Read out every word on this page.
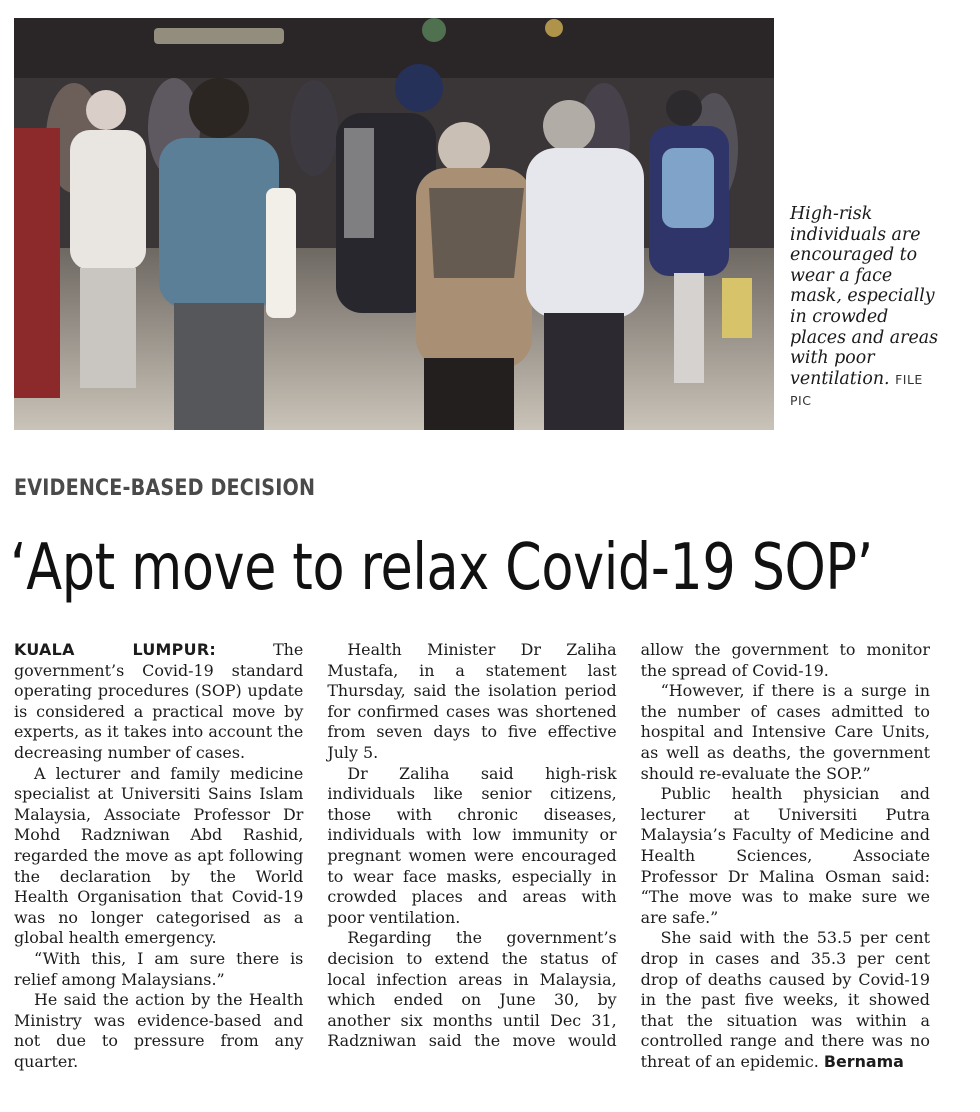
High-risk individuals are encouraged to wear a face mask, especially in crowded places and areas with poor ventilation. FILE PIC
EVIDENCE-BASED DECISION
‘Apt move to relax Covid-19 SOP’

KUALA LUMPUR:	The government’s Covid-19 standard operating procedures (SOP) update is considered a practical move by experts, as it takes into account the decreasing number of cases.

A lecturer and family medicine specialist at Universiti Sains Islam Malaysia, Associate Professor Dr Mohd Radzniwan Abd Rashid, regarded the move as apt following the declaration by the World Health Organisation that Covid-19 was no longer categorised as a global health emergency.

“With this, I am sure there is relief among Malaysians.”

He said the action by the Health Ministry was evidence-based and not due to pressure from any quarter.

Health Minister Dr Zaliha Mustafa, in a statement last Thursday, said the isolation period for confirmed cases was shortened from seven days to five effective July 5.

Dr Zaliha said high-risk individuals like senior citizens, those with chronic diseases, individuals with low immunity or pregnant women were encouraged to wear face masks, especially in crowded places and areas with poor ventilation.

Regarding the government’s decision to extend the status of local infection areas in Malaysia, which ended on June 30, by another six months until Dec 31, Radzniwan said the move would allow the government to monitor the spread of Covid-19.

“However, if there is a surge in the number of cases admitted to hospital and Intensive Care Units, as well as deaths, the government should re-evaluate the SOP.”

Public health physician and lecturer at Universiti Putra Malaysia’s Faculty of Medicine and Health Sciences, Associate Professor Dr Malina Osman said: “The move was to make sure we are safe.”

She said with the 53.5 per cent drop in cases and 35.3 per cent drop of deaths caused by Covid-19 in the past five weeks, it showed that the situation was within a controlled range and there was no threat of an epidemic. Bernama
